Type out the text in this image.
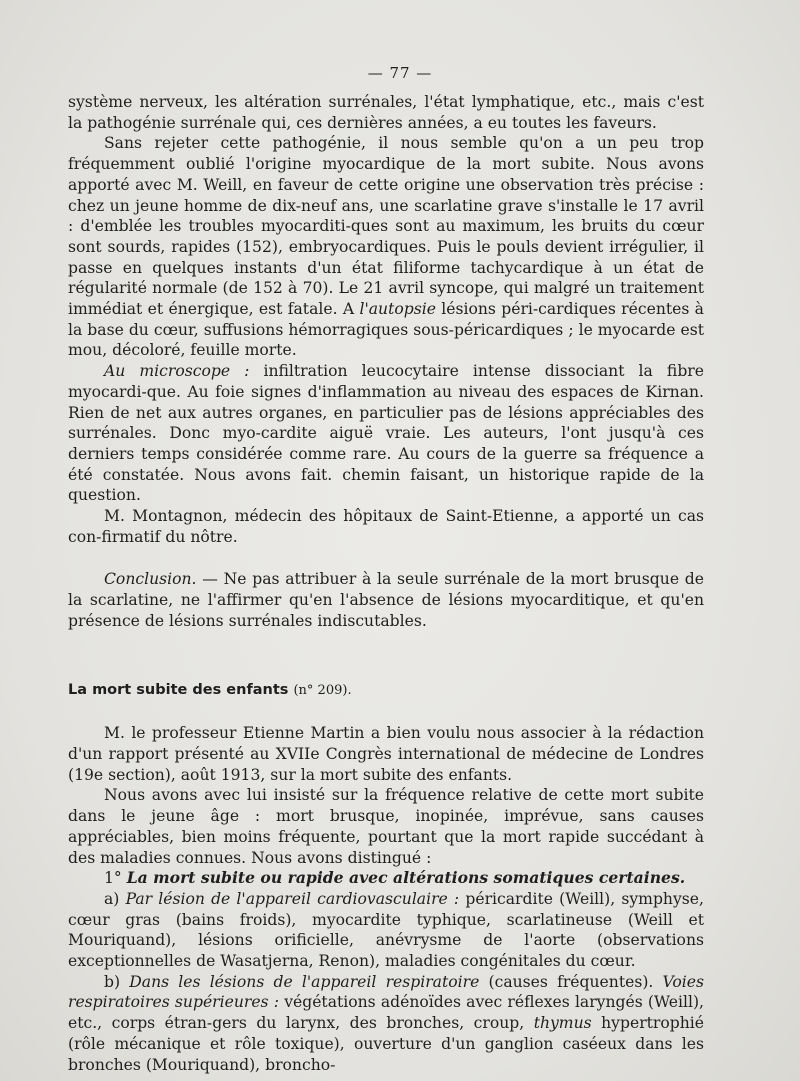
— 77 —

système nerveux, les altération surrénales, l'état lymphatique, etc., mais c'est la pathogénie surrénale qui, ces dernières années, a eu toutes les faveurs.

Sans rejeter cette pathogénie, il nous semble qu'on a un peu trop fréquemment oublié l'origine myocardique de la mort subite. Nous avons apporté avec M. Weill, en faveur de cette origine une observation très précise : chez un jeune homme de dix-neuf ans, une scarlatine grave s'installe le 17 avril : d'emblée les troubles myocarditi-ques sont au maximum, les bruits du cœur sont sourds, rapides (152), embryocardiques. Puis le pouls devient irrégulier, il passe en quelques instants d'un état filiforme tachycardique à un état de régularité normale (de 152 à 70). Le 21 avril syncope, qui malgré un traitement immédiat et énergique, est fatale. A l'autopsie lésions péri-cardiques récentes à la base du cœur, suffusions hémorragiques sous-péricardiques ; le myocarde est mou, décoloré, feuille morte.

Au microscope : infiltration leucocytaire intense dissociant la fibre myocardi-que. Au foie signes d'inflammation au niveau des espaces de Kirnan. Rien de net aux autres organes, en particulier pas de lésions appréciables des surrénales. Donc myo-cardite aiguë vraie. Les auteurs, l'ont jusqu'à ces derniers temps considérée comme rare. Au cours de la guerre sa fréquence a été constatée. Nous avons fait. chemin faisant, un historique rapide de la question.

M. Montagnon, médecin des hôpitaux de Saint-Etienne, a apporté un cas con-firmatif du nôtre.

Conclusion. — Ne pas attribuer à la seule surrénale de la mort brusque de la scarlatine, ne l'affirmer qu'en l'absence de lésions myocarditique, et qu'en présence de lésions surrénales indiscutables.

La mort subite des enfants (n° 209).

M. le professeur Etienne Martin a bien voulu nous associer à la rédaction d'un rapport présenté au XVIIe Congrès international de médecine de Londres (19e section), août 1913, sur la mort subite des enfants.

Nous avons avec lui insisté sur la fréquence relative de cette mort subite dans le jeune âge : mort brusque, inopinée, imprévue, sans causes appréciables, bien moins fréquente, pourtant que la mort rapide succédant à des maladies connues. Nous avons distingué :

1° La mort subite ou rapide avec altérations somatiques certaines.

a) Par lésion de l'appareil cardiovasculaire : péricardite (Weill), symphyse, cœur gras (bains froids), myocardite typhique, scarlatineuse (Weill et Mouriquand), lésions orificielle, anévrysme de l'aorte (observations exceptionnelles de Wasatjerna, Renon), maladies congénitales du cœur.

b) Dans les lésions de l'appareil respiratoire (causes fréquentes). Voies respiratoires supérieures : végétations adénoïdes avec réflexes laryngés (Weill), etc., corps étran-gers du larynx, des bronches, croup, thymus hypertrophié (rôle mécanique et rôle toxique), ouverture d'un ganglion caséeux dans les bronches (Mouriquand), broncho-
